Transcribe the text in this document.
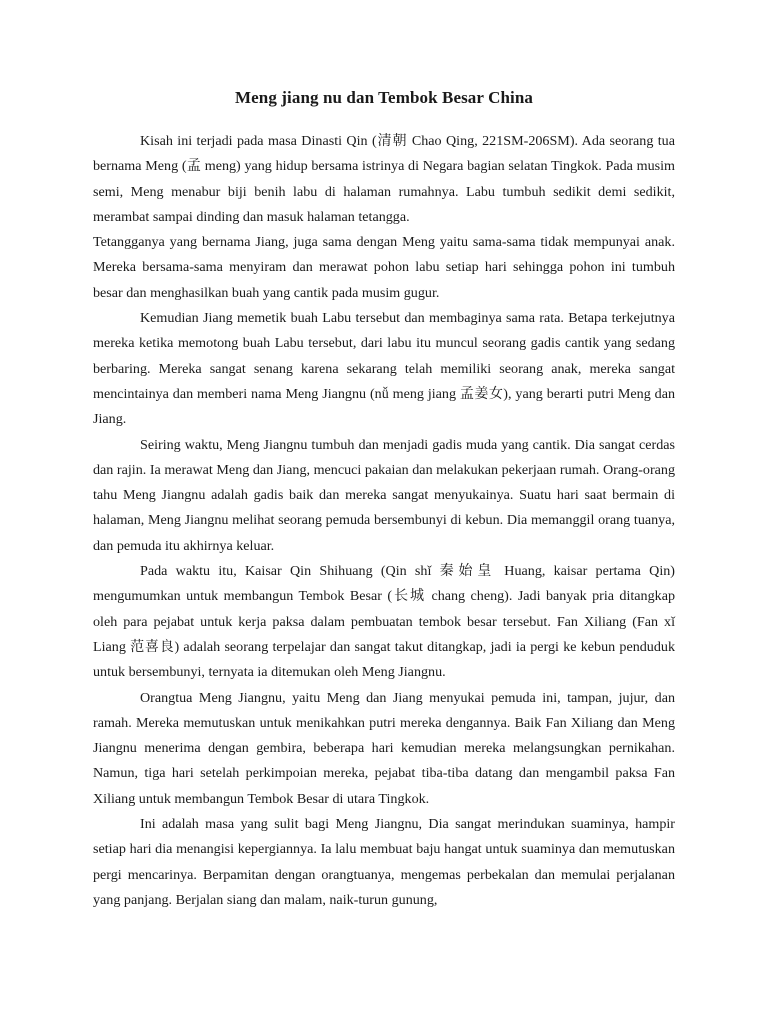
Meng jiang nu dan Tembok Besar China

Kisah ini terjadi pada masa Dinasti Qin (清朝 Chao Qing, 221SM-206SM). Ada seorang tua bernama Meng (孟 meng) yang hidup bersama istrinya di Negara bagian selatan Tingkok. Pada musim semi, Meng menabur biji benih labu di halaman rumahnya. Labu tumbuh sedikit demi sedikit, merambat sampai dinding dan masuk halaman tetangga.

Tetangganya yang bernama Jiang, juga sama dengan Meng yaitu sama-sama tidak mempunyai anak. Mereka bersama-sama menyiram dan merawat pohon labu setiap hari sehingga pohon ini tumbuh besar dan menghasilkan buah yang cantik pada musim gugur.

Kemudian Jiang memetik buah Labu tersebut dan membaginya sama rata. Betapa terkejutnya mereka ketika memotong buah Labu tersebut, dari labu itu muncul seorang gadis cantik yang sedang berbaring. Mereka sangat senang karena sekarang telah memiliki seorang anak, mereka sangat mencintainya dan memberi nama Meng Jiangnu (nǚ meng jiang 孟姜女), yang berarti putri Meng dan Jiang.

Seiring waktu, Meng Jiangnu tumbuh dan menjadi gadis muda yang cantik. Dia sangat cerdas dan rajin. Ia merawat Meng dan Jiang, mencuci pakaian dan melakukan pekerjaan rumah. Orang-orang tahu Meng Jiangnu adalah gadis baik dan mereka sangat menyukainya. Suatu hari saat bermain di halaman, Meng Jiangnu melihat seorang pemuda bersembunyi di kebun. Dia memanggil orang tuanya, dan pemuda itu akhirnya keluar.

Pada waktu itu, Kaisar Qin Shihuang (Qin shǐ 秦始皇 Huang, kaisar pertama Qin) mengumumkan untuk membangun Tembok Besar (长城 chang cheng). Jadi banyak pria ditangkap oleh para pejabat untuk kerja paksa dalam pembuatan tembok besar tersebut. Fan Xiliang (Fan xǐ Liang 范喜良) adalah seorang terpelajar dan sangat takut ditangkap, jadi ia pergi ke kebun penduduk untuk bersembunyi, ternyata ia ditemukan oleh Meng Jiangnu.

Orangtua Meng Jiangnu, yaitu Meng dan Jiang menyukai pemuda ini, tampan, jujur, dan ramah. Mereka memutuskan untuk menikahkan putri mereka dengannya. Baik Fan Xiliang dan Meng Jiangnu menerima dengan gembira, beberapa hari kemudian mereka melangsungkan pernikahan. Namun, tiga hari setelah perkimpoian mereka, pejabat tiba-tiba datang dan mengambil paksa Fan Xiliang untuk membangun Tembok Besar di utara Tingkok.

Ini adalah masa yang sulit bagi Meng Jiangnu, Dia sangat merindukan suaminya, hampir setiap hari dia menangisi kepergiannya. Ia lalu membuat baju hangat untuk suaminya dan memutuskan pergi mencarinya. Berpamitan dengan orangtuanya, mengemas perbekalan dan memulai perjalanan yang panjang. Berjalan siang dan malam, naik-turun gunung,
